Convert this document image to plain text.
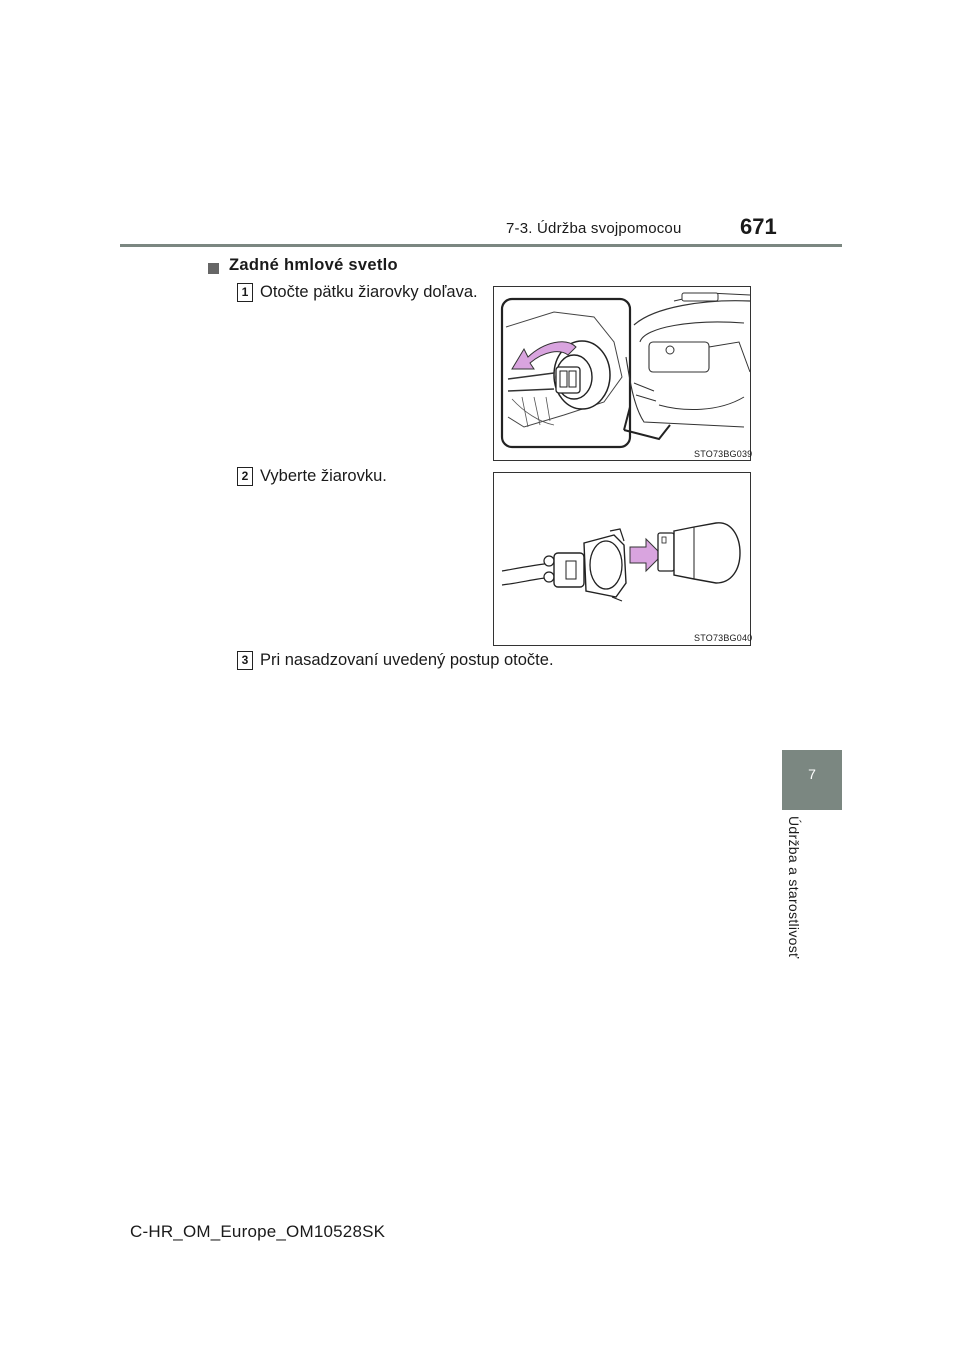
7-3. Údržba svojpomocou	671
Zadné hmlové svetlo
1 Otočte pätku žiarovky doľava.
STO73BG039
2 Vyberte žiarovku.
STO73BG040
3 Pri nasadzovaní uvedený postup otočte.
7
Údržba a starostlivosť
C-HR_OM_Europe_OM10528SK
